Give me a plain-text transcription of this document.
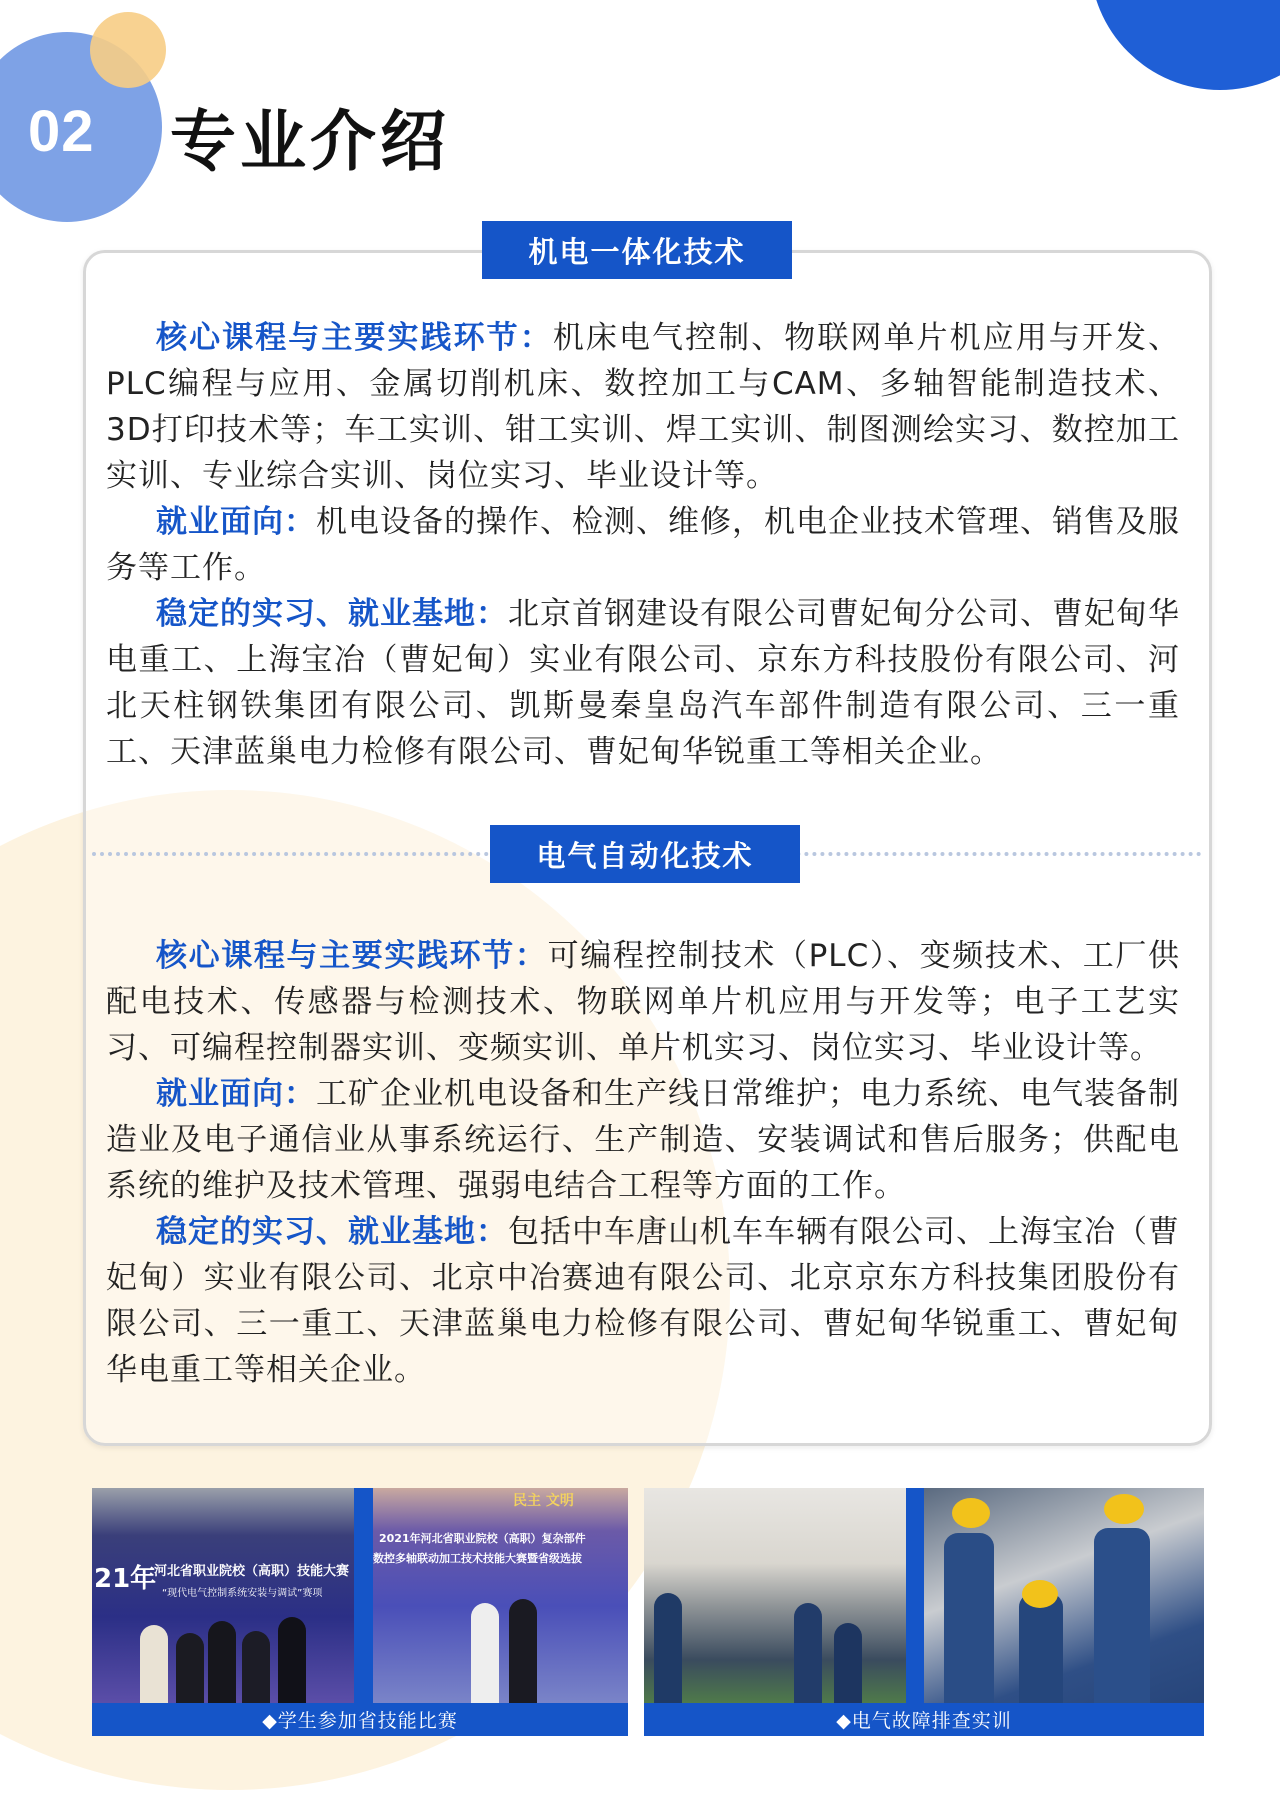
02 专业介绍
机电一体化技术
电气自动化技术

核心课程与主要实践环节：机床电气控制、物联网单片机应用与开发、PLC编程与应用、金属切削机床、数控加工与CAM、多轴智能制造技术、3D打印技术等；车工实训、钳工实训、焊工实训、制图测绘实习、数控加工实训、专业综合实训、岗位实习、毕业设计等。

就业面向：机电设备的操作、检测、维修，机电企业技术管理、销售及服务等工作。

稳定的实习、就业基地：北京首钢建设有限公司曹妃甸分公司、曹妃甸华电重工、上海宝冶（曹妃甸）实业有限公司、京东方科技股份有限公司、河北天柱钢铁集团有限公司、凯斯曼秦皇岛汽车部件制造有限公司、三一重工、天津蓝巢电力检修有限公司、曹妃甸华锐重工等相关企业。

核心课程与主要实践环节：可编程控制技术（PLC）、变频技术、工厂供配电技术、传感器与检测技术、物联网单片机应用与开发等；电子工艺实习、可编程控制器实训、变频实训、单片机实习、岗位实习、毕业设计等。

就业面向：工矿企业机电设备和生产线日常维护；电力系统、电气装备制造业及电子通信业从事系统运行、生产制造、安装调试和售后服务；供配电系统的维护及技术管理、强弱电结合工程等方面的工作。

稳定的实习、就业基地：包括中车唐山机车车辆有限公司、上海宝冶（曹妃甸）实业有限公司、北京中冶赛迪有限公司、北京京东方科技集团股份有限公司、三一重工、天津蓝巢电力检修有限公司、曹妃甸华锐重工、曹妃甸华电重工等相关企业。

21年
河北省职业院校（高职）技能大赛
“现代电气控制系统安装与调试”赛项
2021年河北省职业院校（高职）复杂部件
数控多轴联动加工技术技能大赛暨省级选拔
民主 文明
◆学生参加省技能比赛	◆电气故障排查实训
